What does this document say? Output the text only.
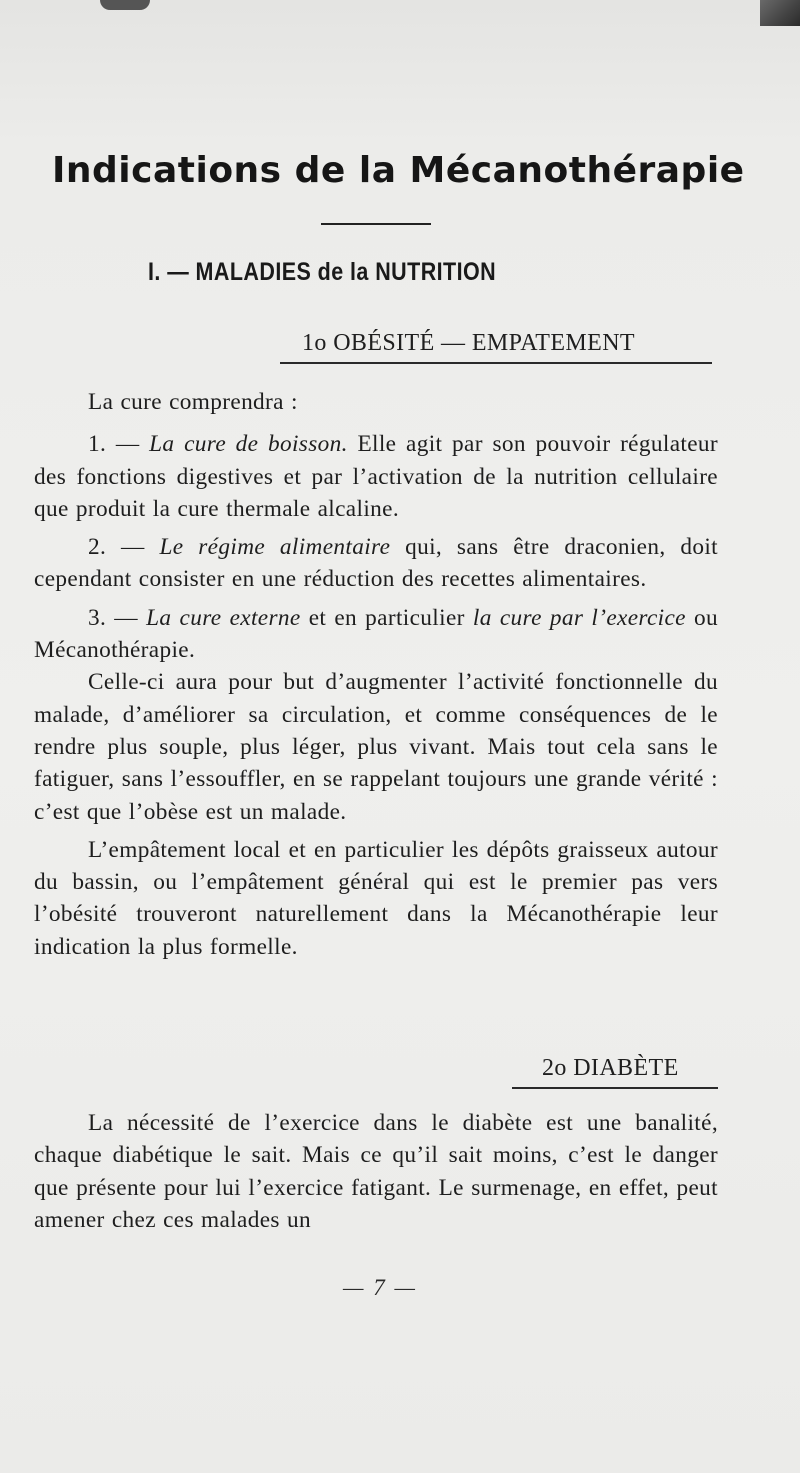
Indications de la Mécanothérapie
I. — MALADIES de la NUTRITION
1o OBÉSITÉ — EMPATEMENT

La cure comprendra :

1. — La cure de boisson. Elle agit par son pouvoir régulateur des fonctions digestives et par l’activation de la nutrition cellulaire que produit la cure thermale alcaline.

2. — Le régime alimentaire qui, sans être draconien, doit cependant consister en une réduction des recettes alimentaires.

3. — La cure externe et en particulier la cure par l’exercice ou Mécanothérapie.

Celle-ci aura pour but d’augmenter l’activité fonctionnelle du malade, d’améliorer sa circulation, et comme conséquences de le rendre plus souple, plus léger, plus vivant. Mais tout cela sans le fatiguer, sans l’essouffler, en se rappelant toujours une grande vérité : c’est que l’obèse est un malade.

L’empâtement local et en particulier les dépôts graisseux autour du bassin, ou l’empâtement général qui est le premier pas vers l’obésité trouveront naturellement dans la Mécanothérapie leur indication la plus formelle.

2o DIABÈTE

La nécessité de l’exercice dans le diabète est une banalité, chaque diabétique le sait. Mais ce qu’il sait moins, c’est le danger que présente pour lui l’exercice fatigant. Le surmenage, en effet, peut amener chez ces malades un

— 7 —
